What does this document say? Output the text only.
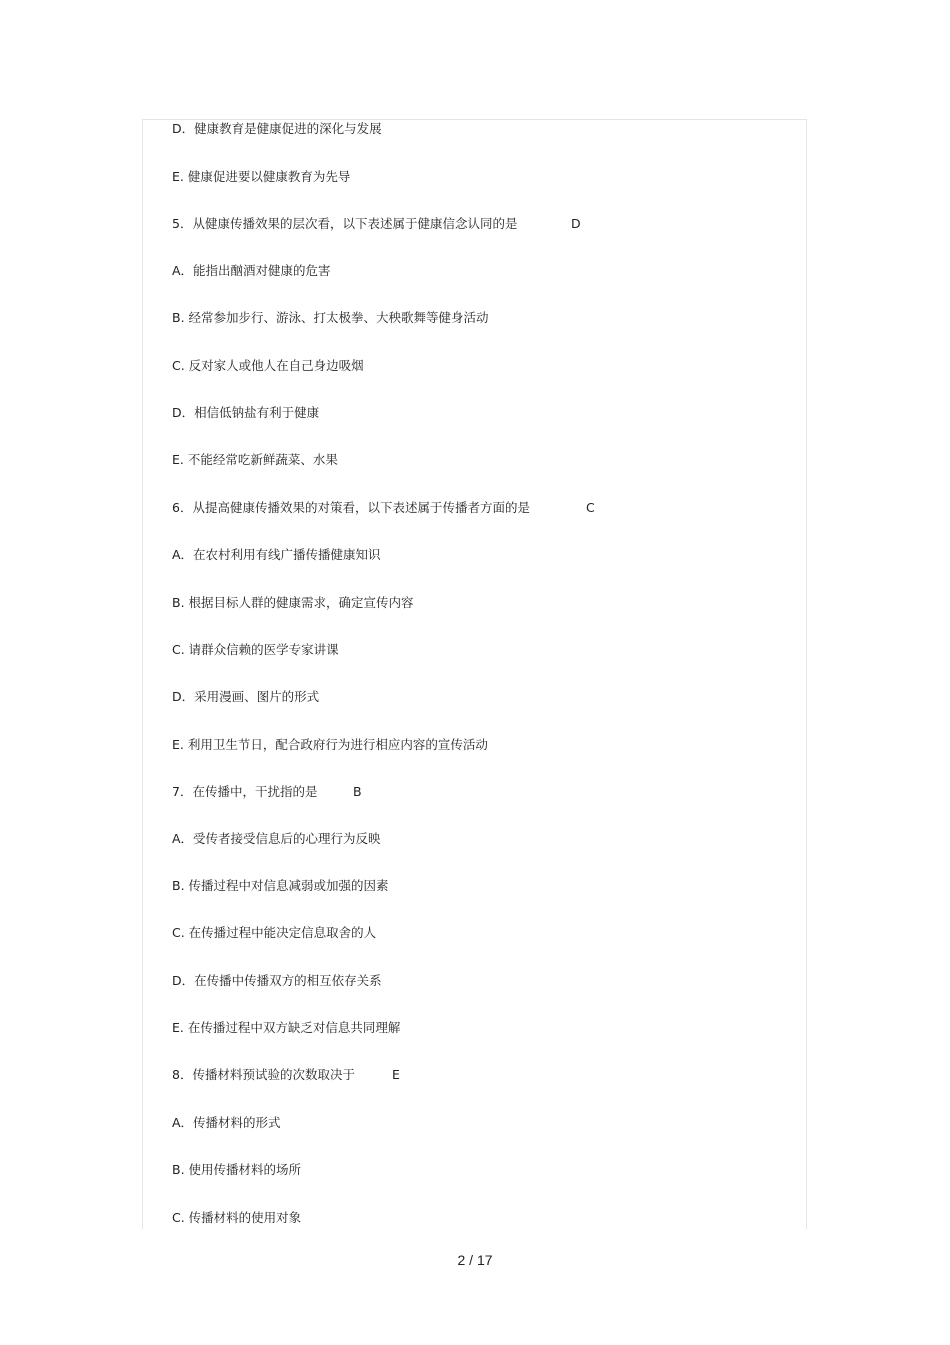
D．健康教育是健康促进的深化与发展
E. 健康促进要以健康教育为先导
5．从健康传播效果的层次看，以下表述属于健康信念认同的是	D
A．能指出酗酒对健康的危害
B. 经常参加步行、游泳、打太极拳、大秧歌舞等健身活动
C. 反对家人或他人在自己身边吸烟
D．相信低钠盐有利于健康
E. 不能经常吃新鲜蔬菜、水果
6．从提高健康传播效果的对策看，以下表述属于传播者方面的是	C
A．在农村利用有线广播传播健康知识
B. 根据目标人群的健康需求，确定宣传内容
C. 请群众信赖的医学专家讲课
D．采用漫画、图片的形式
E. 利用卫生节日，配合政府行为进行相应内容的宣传活动
7．在传播中，干扰指的是	B
A．受传者接受信息后的心理行为反映
B. 传播过程中对信息减弱或加强的因素
C. 在传播过程中能决定信息取舍的人
D．在传播中传播双方的相互依存关系
E. 在传播过程中双方缺乏对信息共同理解
8．传播材料预试验的次数取决于	E
A．传播材料的形式
B. 使用传播材料的场所
C. 传播材料的使用对象
2 / 17
